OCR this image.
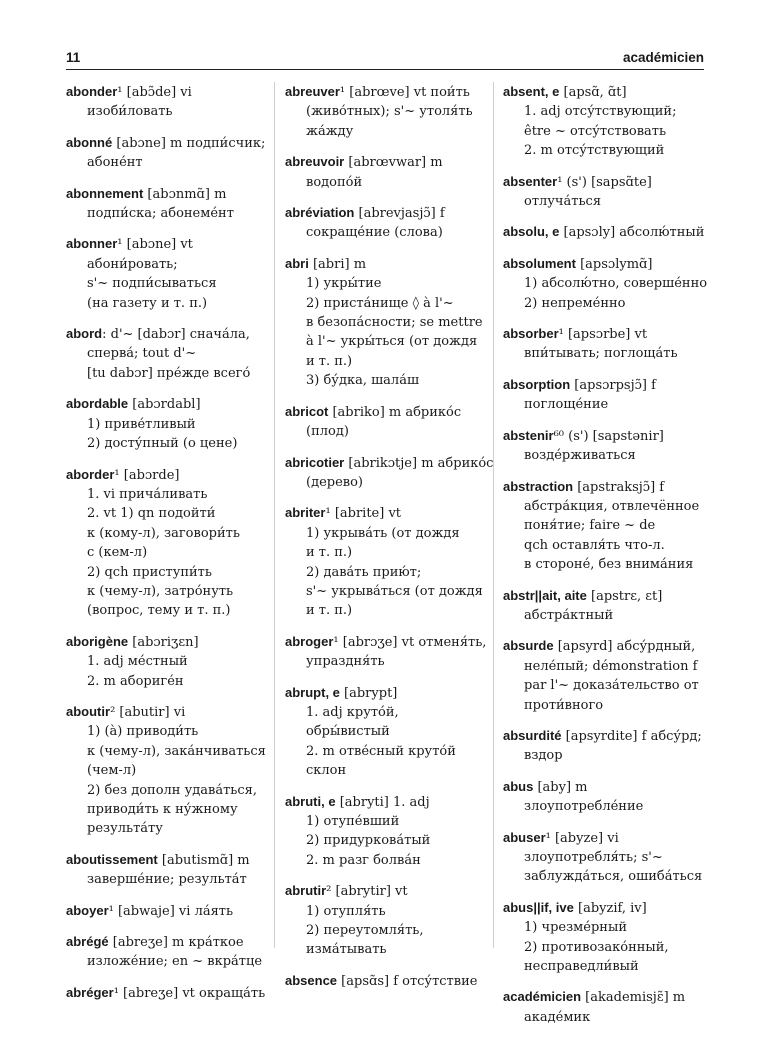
11	académicien
abonder¹ [abɔ̃de] vi
изоби́ловать
abonné [abɔne] m подпи́счик;
абоне́нт
abonnement [abɔnmɑ̃] m
подпи́ска; абонеме́нт
abonner¹ [abɔne] vt
абони́ровать;
s'~ подпи́сываться
(на газету и т. п.)
abord: d'~ [dabɔr] снача́ла,
сперва́; tout d'~
[tu dabɔr] пре́жде всего́
abordable [abɔrdabl]
1) приве́тливый
2) досту́пный (о цене)
aborder¹ [abɔrde]
1. vi прича́ливать
2. vt 1) qn подойти́
к (кому-л), заговори́ть
с (кем-л)
2) qch приступи́ть
к (чему-л), затро́нуть
(вопрос, тему и т. п.)
aborigène [abɔriʒɛn]
1. adj ме́стный
2. m абориге́н
aboutir² [abutir] vi
1) (à) приводи́ть
к (чему-л), зака́нчиваться
(чем-л)
2) без дополн удава́ться,
приводи́ть к ну́жному
результа́ту
aboutissement [abutismɑ̃] m
заверше́ние; результа́т
aboyer¹ [abwaje] vi ла́ять
abrégé [abreʒe] m кра́ткое
изложе́ние; en ~ вкра́тце
abréger¹ [abreʒe] vt окраща́ть
abreuver¹ [abrœve] vt пои́ть
(живо́тных); s'~ утоля́ть
жа́жду
abreuvoir [abrœvwar] m
водопо́й
abréviation [abrevjasjɔ̃] f
сокраще́ние (слова)
abri [abri] m
1) укры́тие
2) приста́нище ◊ à l'~
в безопа́сности; se mettre
à l'~ укры́ться (от дождя
и т. п.)
3) бу́дка, шала́ш
abricot [abriko] m абрико́с
(плод)
abricotier [abrikɔtje] m абрико́с
(дерево)
abriter¹ [abrite] vt
1) укрыва́ть (от дождя
и т. п.)
2) дава́ть прию́т;
s'~ укрыва́ться (от дождя
и т. п.)
abroger¹ [abrɔʒe] vt отменя́ть,
упраздня́ть
abrupt, e [abrypt]
1. adj круто́й,
обры́вистый
2. m отве́сный круто́й
склон
abruti, e [abryti] 1. adj
1) отупе́вший
2) придуркова́тый
2. m разг болва́н
abrutir² [abrytir] vt
1) отупля́ть
2) переутомля́ть,
изма́тывать
absence [apsɑ̃s] f отсу́тствие
absent, e [apsɑ̃, ɑ̃t]
1. adj отсу́тствующий;
être ~ отсу́тствовать
2. m отсу́тствующий
absenter¹ (s') [sapsɑ̃te]
отлуча́ться
absolu, e [apsɔly] абсолю́тный
absolument [apsɔlymɑ̃]
1) абсолю́тно, соверше́нно
2) непреме́нно
absorber¹ [apsɔrbe] vt
впи́тывать; поглоща́ть
absorption [apsɔrpsjɔ̃] f
поглоще́ние
abstenir⁶⁰ (s') [sapstənir]
возде́рживаться
abstraction [apstraksjɔ̃] f
абстра́кция, отвлечённое
поня́тие; faire ~ de
qch оставля́ть что-л.
в стороне́, без внима́ния
abstr||ait, aite [apstrɛ, ɛt]
абстра́ктный
absurde [apsyrd] абсу́рдный,
неле́пый; démonstration f
par l'~ доказа́тельство от
проти́вного
absurdité [apsyrdite] f абсу́рд;
вздор
abus [aby] m
злоупотребле́ние
abuser¹ [abyze] vi
злоупотребля́ть; s'~
заблужда́ться, ошиба́ться
abus||if, ive [abyzif, iv]
1) чрезме́рный
2) противозако́нный,
несправедли́вый
académicien [akademisjɛ̃] m
акаде́мик
